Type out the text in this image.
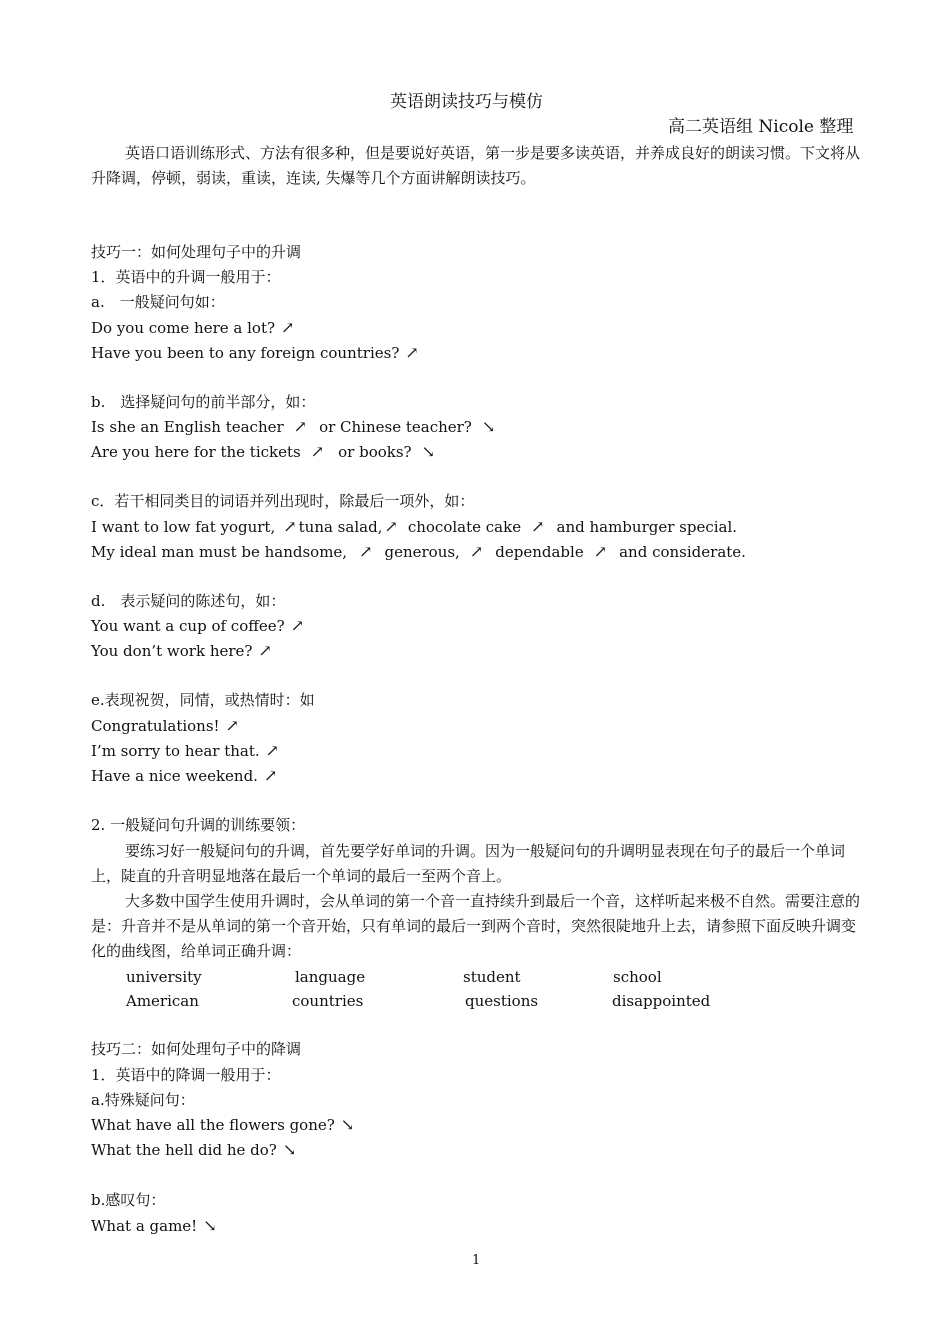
英语朗读技巧与模仿
高二英语组 Nicole 整理
英语口语训练形式、方法有很多种，但是要说好英语，第一步是要多读英语，并养成良好的朗读习惯。下文将从升降调，停顿，弱读，重读，连读, 失爆等几个方面讲解朗读技巧。
技巧一：如何处理句子中的升调
1．英语中的升调一般用于：
a.　一般疑问句如：
Do you come here a lot? ↗
Have you been to any foreign countries? ↗
b.　选择疑问句的前半部分，如：
Is she an English teacher ↗ or Chinese teacher? ↘
Are you here for the tickets ↗ or books? ↘
c．若干相同类目的词语并列出现时，除最后一项外，如：
I want to low fat yogurt, ↗ tuna salad, ↗ chocolate cake ↗ and hamburger special.
My ideal man must be handsome, ↗ generous, ↗ dependable ↗ and considerate.
d.　表示疑问的陈述句，如：
You want a cup of coffee? ↗
You don’t work here? ↗
e.表现祝贺，同情，或热情时：如
Congratulations! ↗
I’m sorry to hear that. ↗
Have a nice weekend. ↗
2. 一般疑问句升调的训练要领：
要练习好一般疑问句的升调，首先要学好单词的升调。因为一般疑问句的升调明显表现在句子的最后一个单词上，陡直的升音明显地落在最后一个单词的最后一至两个音上。
大多数中国学生使用升调时，会从单词的第一个音一直持续升到最后一个音，这样听起来极不自然。需要注意的是：升音并不是从单词的第一个音开始，只有单词的最后一到两个音时，突然很陡地升上去，请参照下面反映升调变化的曲线图，给单词正确升调：
university	language	student	school
American	countries	questions	disappointed
技巧二：如何处理句子中的降调
1．英语中的降调一般用于：
a.特殊疑问句：
What have all the flowers gone? ↘
What the hell did he do? ↘
b.感叹句：
What a game! ↘
1
